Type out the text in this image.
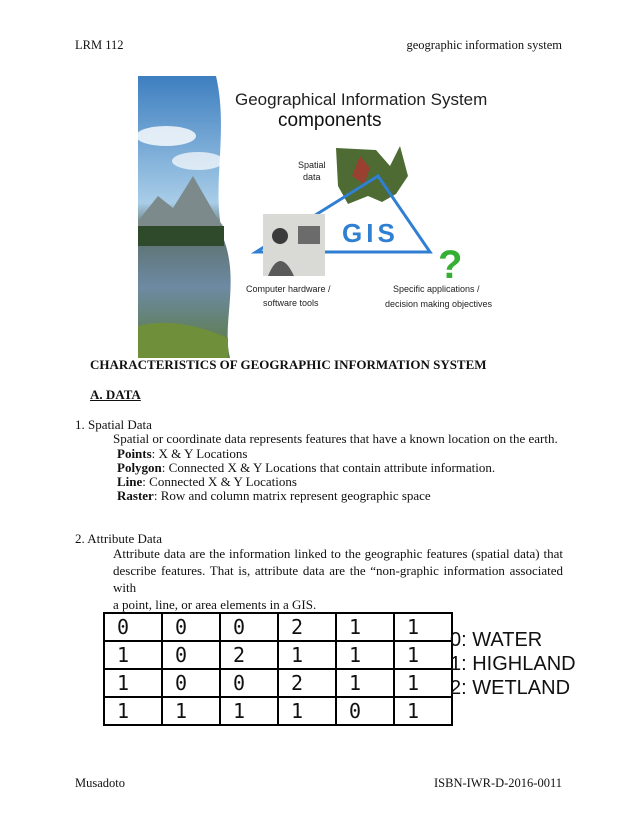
LRM 112	geographic information system
Geographical Information System
components
Spatial
data
GIS
?
Computer hardware /
software tools
Specific applications /
decision making objectives
CHARACTERISTICS OF GEOGRAPHIC INFORMATION SYSTEM
A. DATA
1. Spatial Data
Spatial or coordinate data represents features that have a known location on the earth.
Points: X & Y Locations
Polygon: Connected X & Y Locations that contain attribute information.
Line: Connected X & Y Locations
Raster: Row and column matrix represent geographic space
2. Attribute Data
Attribute data are the information linked to the geographic features (spatial data) that
describe features. That is, attribute data are the “non-graphic information associated with
a point, line, or area elements in a GIS.
0	0	0	2	1	1
1	0	2	1	1	1
1	0	0	2	1	1
1	1	1	1	0	1
0: WATER
1: HIGHLAND
2: WETLAND
Musadoto	ISBN-IWR-D-2016-0011
